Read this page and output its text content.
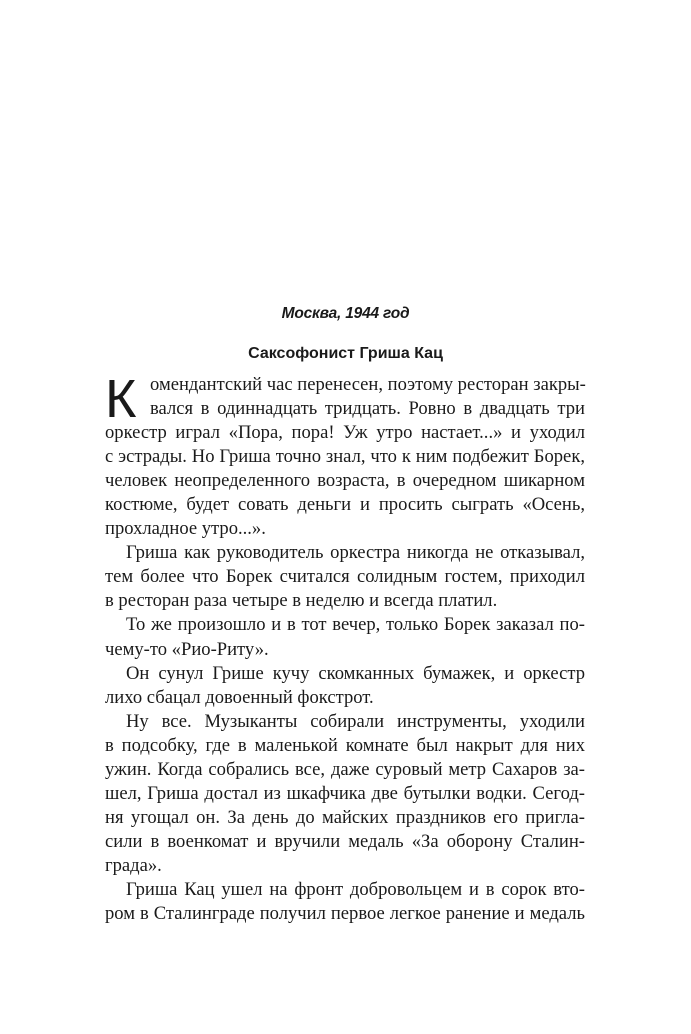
Москва, 1944 год
Саксофонист Гриша Кац
К омендантский час перенесен, поэтому ресторан закры-
вался в одиннадцать тридцать. Ровно в двадцать три
оркестр играл «Пора, пора! Уж утро настает...» и уходил
с эстрады. Но Гриша точно знал, что к ним подбежит Борек,
человек неопределенного возраста, в очередном шикарном
костюме, будет совать деньги и просить сыграть «Осень,
прохладное утро...».
Гриша как руководитель оркестра никогда не отказывал,
тем более что Борек считался солидным гостем, приходил
в ресторан раза четыре в неделю и всегда платил.
То же произошло и в тот вечер, только Борек заказал по-
чему-то «Рио-Риту».
Он сунул Грише кучу скомканных бумажек, и оркестр
лихо сбацал довоенный фокстрот.
Ну все. Музыканты собирали инструменты, уходили
в подсобку, где в маленькой комнате был накрыт для них
ужин. Когда собрались все, даже суровый метр Сахаров за-
шел, Гриша достал из шкафчика две бутылки водки. Сегод-
ня угощал он. За день до майских праздников его пригла-
сили в военкомат и вручили медаль «За оборону Сталин-
града».
Гриша Кац ушел на фронт добровольцем и в сорок вто-
ром в Сталинграде получил первое легкое ранение и медаль
